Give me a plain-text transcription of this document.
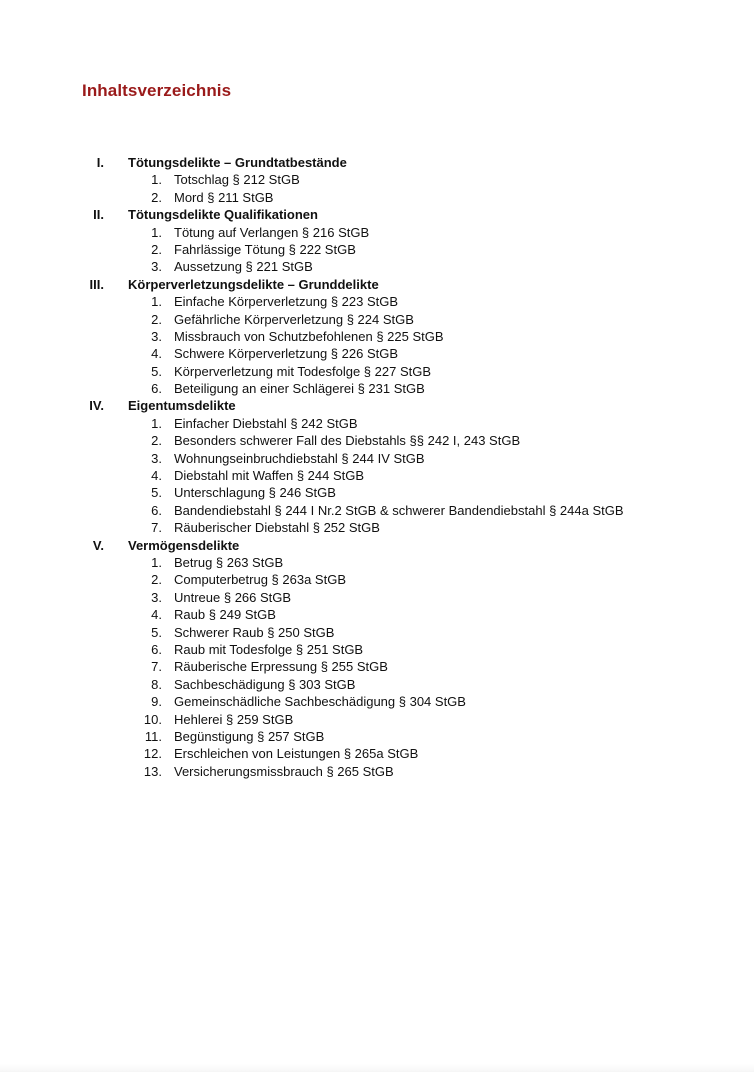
Inhaltsverzeichnis
I. Tötungsdelikte – Grundtatbestände
1. Totschlag § 212 StGB
2. Mord § 211 StGB
II. Tötungsdelikte Qualifikationen
1. Tötung auf Verlangen § 216 StGB
2. Fahrlässige Tötung § 222 StGB
3. Aussetzung § 221 StGB
III. Körperverletzungsdelikte – Grunddelikte
1. Einfache Körperverletzung § 223 StGB
2. Gefährliche Körperverletzung § 224 StGB
3. Missbrauch von Schutzbefohlenen § 225 StGB
4. Schwere Körperverletzung § 226 StGB
5. Körperverletzung mit Todesfolge § 227 StGB
6. Beteiligung an einer Schlägerei § 231 StGB
IV. Eigentumsdelikte
1. Einfacher Diebstahl § 242 StGB
2. Besonders schwerer Fall des Diebstahls §§ 242 I, 243 StGB
3. Wohnungseinbruchdiebstahl § 244 IV StGB
4. Diebstahl mit Waffen § 244 StGB
5. Unterschlagung § 246 StGB
6. Bandendiebstahl § 244 I Nr.2 StGB & schwerer Bandendiebstahl § 244a StGB
7. Räuberischer Diebstahl § 252 StGB
V. Vermögensdelikte
1. Betrug § 263 StGB
2. Computerbetrug § 263a StGB
3. Untreue § 266 StGB
4. Raub § 249 StGB
5. Schwerer Raub § 250 StGB
6. Raub mit Todesfolge § 251 StGB
7. Räuberische Erpressung § 255 StGB
8. Sachbeschädigung § 303 StGB
9. Gemeinschädliche Sachbeschädigung § 304 StGB
10. Hehlerei § 259 StGB
11. Begünstigung § 257 StGB
12. Erschleichen von Leistungen § 265a StGB
13. Versicherungsmissbrauch § 265 StGB
